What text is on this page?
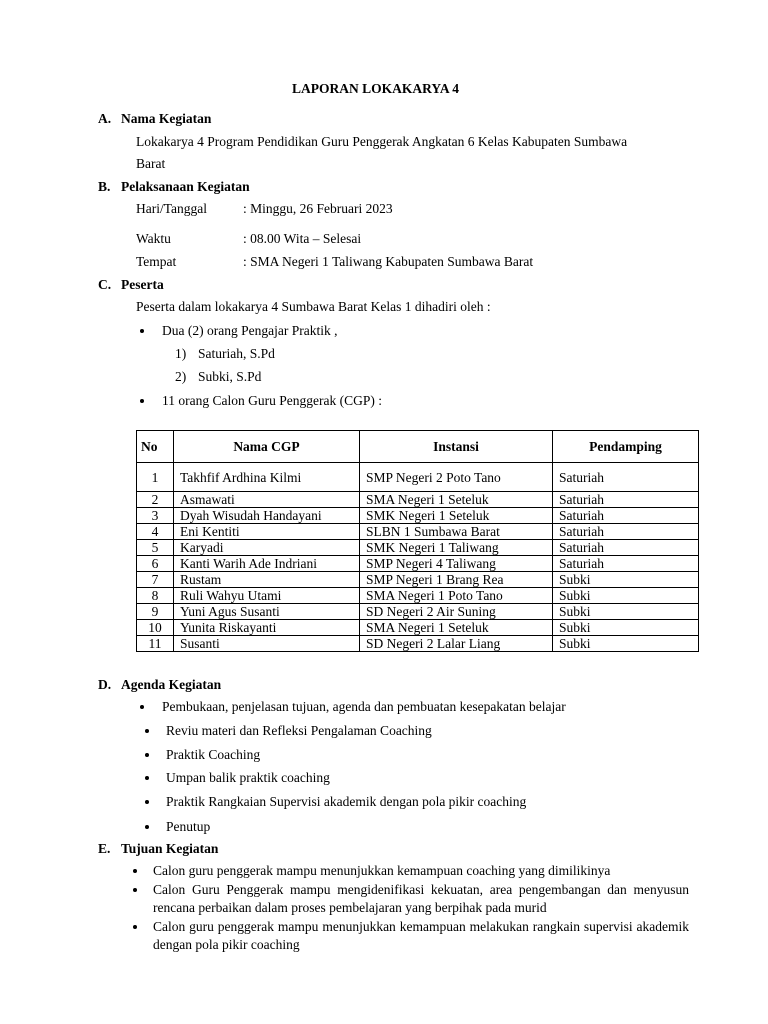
LAPORAN LOKAKARYA 4
A. Nama Kegiatan
Lokakarya 4 Program Pendidikan Guru Penggerak Angkatan 6 Kelas Kabupaten Sumbawa
Barat
B. Pelaksanaan Kegiatan
Hari/Tanggal	: Minggu, 26 Februari 2023
Waktu	: 08.00 Wita – Selesai
Tempat	: SMA Negeri 1 Taliwang Kabupaten Sumbawa Barat
C. Peserta
Peserta dalam lokakarya 4 Sumbawa Barat Kelas 1 dihadiri oleh :
Dua (2) orang Pengajar Praktik ,
1) Saturiah, S.Pd
2) Subki, S.Pd
11 orang Calon Guru Penggerak (CGP) :
No	Nama CGP	Instansi	Pendamping
1	Takhfif Ardhina Kilmi	SMP Negeri 2 Poto Tano	Saturiah
2	Asmawati	SMA Negeri 1 Seteluk	Saturiah
3	Dyah Wisudah Handayani	SMK Negeri 1 Seteluk	Saturiah
4	Eni Kentiti	SLBN 1 Sumbawa Barat	Saturiah
5	Karyadi	SMK Negeri 1 Taliwang	Saturiah
6	Kanti Warih Ade Indriani	SMP Negeri 4 Taliwang	Saturiah
7	Rustam	SMP Negeri 1 Brang Rea	Subki
8	Ruli Wahyu Utami	SMA Negeri 1 Poto Tano	Subki
9	Yuni Agus Susanti	SD Negeri 2 Air Suning	Subki
10	Yunita Riskayanti	SMA Negeri 1 Seteluk	Subki
11	Susanti	SD Negeri 2 Lalar Liang	Subki
D. Agenda Kegiatan
Pembukaan, penjelasan tujuan, agenda dan pembuatan kesepakatan belajar
Reviu materi dan Refleksi Pengalaman Coaching
Praktik Coaching
Umpan balik praktik coaching
Praktik Rangkaian Supervisi akademik dengan pola pikir coaching
Penutup
E. Tujuan Kegiatan
Calon guru penggerak mampu menunjukkan kemampuan coaching yang dimilikinya
Calon Guru Penggerak mampu mengidenifikasi kekuatan, area pengembangan dan menyusun rencana perbaikan dalam proses pembelajaran yang berpihak pada murid
Calon guru penggerak mampu menunjukkan kemampuan melakukan rangkain supervisi akademik dengan pola pikir coaching
